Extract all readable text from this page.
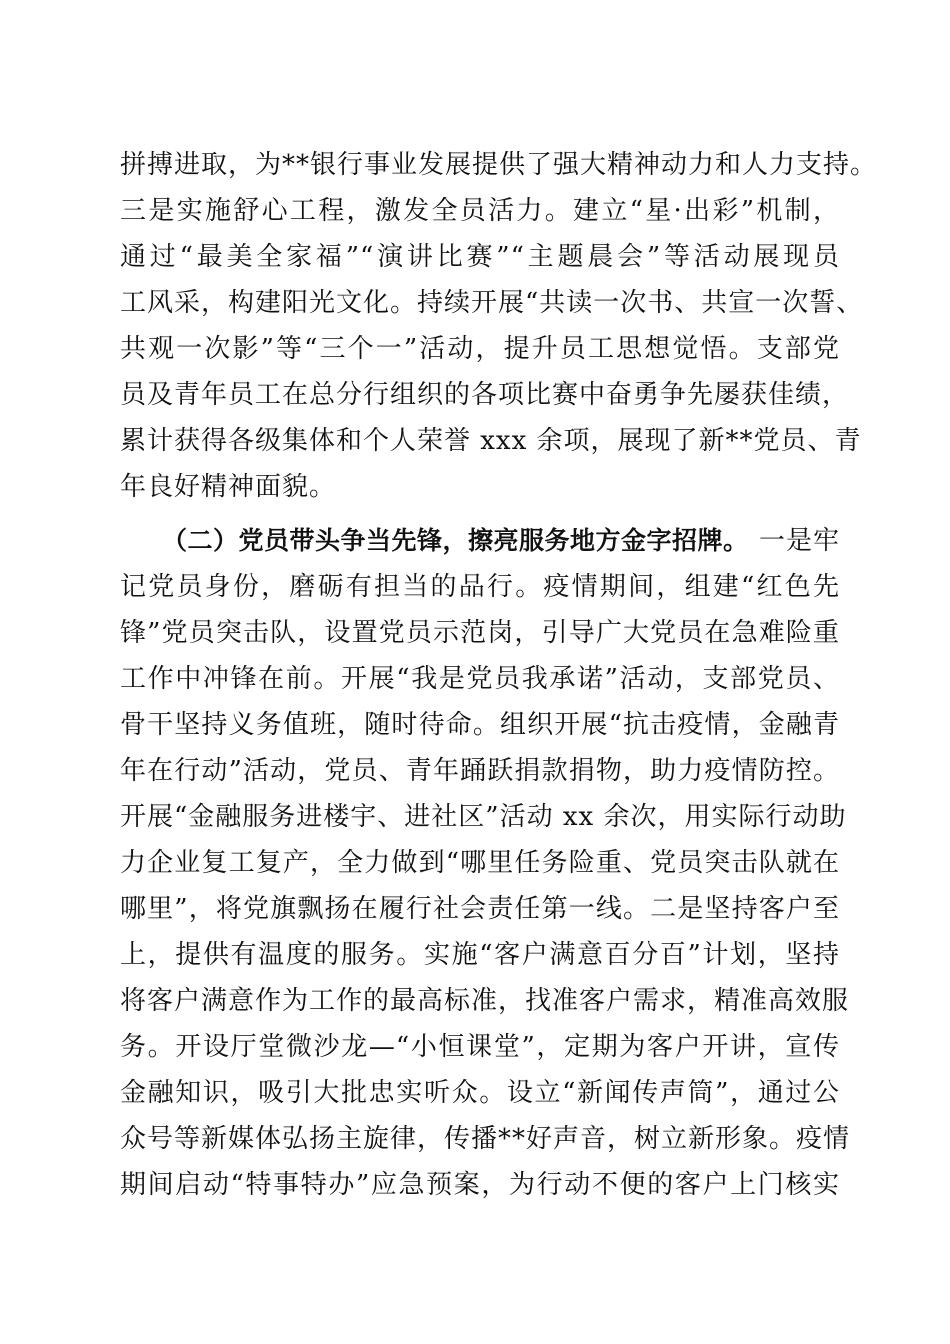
拼搏进取，为**银行事业发展提供了强大精神动力和人力支持。
三是实施舒心工程，激发全员活力。建立“星·出彩”机制，
通过“最美全家福”“演讲比赛”“主题晨会”等活动展现员
工风采，构建阳光文化。持续开展“共读一次书、共宣一次誓、
共观一次影”等“三个一”活动，提升员工思想觉悟。支部党
员及青年员工在总分行组织的各项比赛中奋勇争先屡获佳绩，
累计获得各级集体和个人荣誉 xxx 余项，展现了新**党员、青
年良好精神面貌。
（二）党员带头争当先锋，擦亮服务地方金字招牌。 一是牢
记党员身份，磨砺有担当的品行。疫情期间，组建“红色先
锋”党员突击队，设置党员示范岗，引导广大党员在急难险重
工作中冲锋在前。开展“我是党员我承诺”活动，支部党员、
骨干坚持义务值班，随时待命。组织开展“抗击疫情，金融青
年在行动”活动，党员、青年踊跃捐款捐物，助力疫情防控。
开展“金融服务进楼宇、进社区”活动 xx 余次，用实际行动助
力企业复工复产，全力做到“哪里任务险重、党员突击队就在
哪里”，将党旗飘扬在履行社会责任第一线。二是坚持客户至
上，提供有温度的服务。实施“客户满意百分百”计划，坚持
将客户满意作为工作的最高标准，找准客户需求，精准高效服
务。开设厅堂微沙龙—“小恒课堂”，定期为客户开讲，宣传
金融知识，吸引大批忠实听众。设立“新闻传声筒”，通过公
众号等新媒体弘扬主旋律，传播**好声音，树立新形象。疫情
期间启动“特事特办”应急预案，为行动不便的客户上门核实
